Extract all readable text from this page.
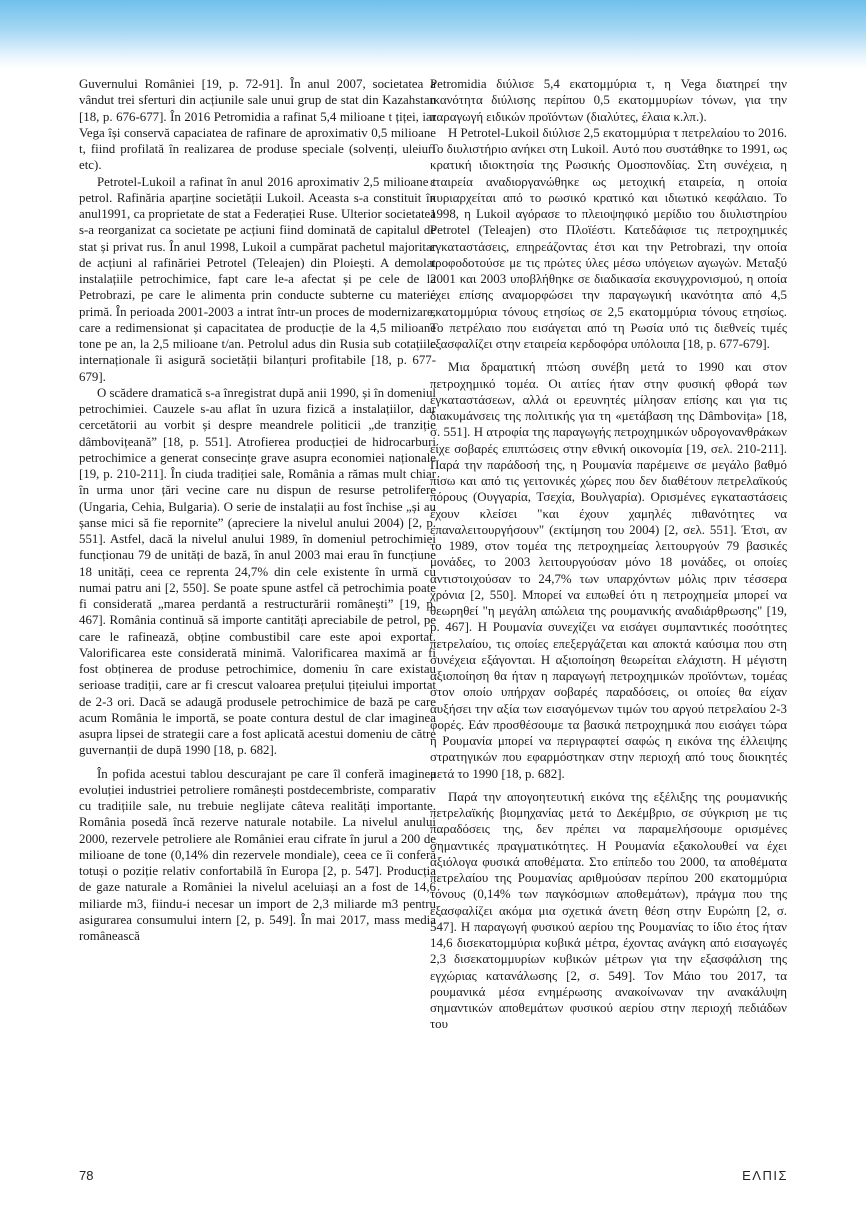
Guvernului României [19, p. 72-91]. În anul 2007, societatea a vândut trei sferturi din acțiunile sale unui grup de stat din Kazahstan [18, p. 676-677]. În 2016 Petromidia a rafinat 5,4 milioane t țiței, iar Vega își conservă capaciatea de rafinare de aproximativ 0,5 milioane t, fiind profilată în realizarea de produse speciale (solvenți, uleiuri etc).

Petrotel-Lukoil a rafinat în anul 2016 aproximativ 2,5 milioane t petrol. Rafinăria aparține societății Lukoil. Aceasta s-a constituit în anul1991, ca proprietate de stat a Federației Ruse. Ulterior societatea s-a reorganizat ca societate pe acțiuni fiind dominată de capitalul de stat și privat rus. În anul 1998, Lukoil a cumpărat pachetul majoritar de acțiuni al rafinăriei Petrotel (Teleajen) din Ploiești. A demolat instalațiile petrochimice, fapt care le-a afectat și pe cele de la Petrobrazi, pe care le alimenta prin conducte subterne cu materie primă. În perioada 2001-2003 a intrat într-un proces de modernizare, care a redimensionat și capacitatea de producție de la 4,5 milioane tone pe an, la 2,5 milioane t/an. Petrolul adus din Rusia sub cotațiile internaționale îi asigură societății bilanțuri profitabile [18, p. 677-679].

O scădere dramatică s-a înregistrat după anii 1990, și în domeniul petrochimiei. Cauzele s-au aflat în uzura fizică a instalațiilor, dar cercetătorii au vorbit și despre meandrele politicii „de tranziție dâmbovițeană” [18, p. 551]. Atrofierea producției de hidrocarburi petrochimice a generat consecințe grave asupra economiei naționale [19, p. 210-211]. În ciuda tradiției sale, România a rămas mult chiar în urma unor țări vecine care nu dispun de resurse petrolifere (Ungaria, Cehia, Bulgaria). O serie de instalații au fost închise „și au șanse mici să fie repornite” (apreciere la nivelul anului 2004) [2, p. 551]. Astfel, dacă la nivelul anului 1989, în domeniul petrochimiei funcționau 79 de unități de bază, în anul 2003 mai erau în funcțiune 18 unități, ceea ce reprenta 24,7% din cele existente în urmă cu numai patru ani [2, 550]. Se poate spune astfel că petrochimia poate fi considerată „marea perdantă a restructurării românești” [19, p. 467]. România continuă să importe cantități apreciabile de petrol, pe care le rafinează, obține combustibil care este apoi exportat. Valorificarea este considerată minimă. Valorificarea maximă ar fi fost obținerea de produse petrochimice, domeniu în care existau serioase tradiții, care ar fi crescut valoarea prețului țițeiului importat de 2-3 ori. Dacă se adaugă produsele petrochimice de bază pe care acum România le importă, se poate contura destul de clar imaginea asupra lipsei de strategii care a fost aplicată acestui domeniu de către guvernanții de după 1990 [18, p. 682].

În pofida acestui tablou descurajant pe care îl conferă imaginea evoluției industriei petroliere românești postdecembriste, comparativ cu tradițiile sale, nu trebuie neglijate câteva realități importante. România posedă încă rezerve naturale notabile. La nivelul anului 2000, rezervele petroliere ale României erau cifrate în jurul a 200 de milioane de tone (0,14% din rezervele mondiale), ceea ce îi conferă totuși o poziție relativ confortabilă în Europa [2, p. 547]. Producția de gaze naturale a României la nivelul aceluiași an a fost de 14,6 miliarde m3, fiindu-i necesar un import de 2,3 miliarde m3 pentru asigurarea consumului intern [2, p. 549]. În mai 2017, mass media românească

Petromidia διύλισε 5,4 εκατομμύρια τ, η Vega διατηρεί την ικανότητα διύλισης περίπου 0,5 εκατομμυρίων τόνων, για την παραγωγή ειδικών προϊόντων (διαλύτες, έλαια κ.λπ.).

Η Petrotel-Lukoil διύλισε 2,5 εκατομμύρια τ πετρελαίου το 2016. Το διυλιστήριο ανήκει στη Lukoil. Αυτό που συστάθηκε το 1991, ως κρατική ιδιοκτησία της Ρωσικής Ομοσπονδίας. Στη συνέχεια, η εταιρεία αναδιοργανώθηκε ως μετοχική εταιρεία, η οποία κυριαρχείται από το ρωσικό κρατικό και ιδιωτικό κεφάλαιο. Το 1998, η Lukoil αγόρασε το πλειοψηφικό μερίδιο του διυλιστηρίου Petrotel (Teleajen) στο Πλοϊέστι. Κατεδάφισε τις πετροχημικές εγκαταστάσεις, επηρεάζοντας έτσι και την Petrobrazi, την οποία τροφοδοτούσε με τις πρώτες ύλες μέσω υπόγειων αγωγών. Μεταξύ 2001 και 2003 υποβλήθηκε σε διαδικασία εκσυγχρονισμού, η οποία έχει επίσης αναμορφώσει την παραγωγική ικανότητα από 4,5 εκατομμύρια τόνους ετησίως σε 2,5 εκατομμύρια τόνους ετησίως. Το πετρέλαιο που εισάγεται από τη Ρωσία υπό τις διεθνείς τιμές εξασφαλίζει στην εταιρεία κερδοφόρα υπόλοιπα [18, p. 677-679].

Μια δραματική πτώση συνέβη μετά το 1990 και στον πετροχημικό τομέα. Οι αιτίες ήταν στην φυσική φθορά των εγκαταστάσεων, αλλά οι ερευνητές μίλησαν επίσης και για τις διακυμάνσεις της πολιτικής για τη «μετάβαση της Dâmbovița» [18, σ. 551]. Η ατροφία της παραγωγής πετροχημικών υδρογονανθράκων είχε σοβαρές επιπτώσεις στην εθνική οικονομία [19, σελ. 210-211]. Παρά την παράδοσή της, η Ρουμανία παρέμεινε σε μεγάλο βαθμό πίσω και από τις γειτονικές χώρες που δεν διαθέτουν πετρελαϊκούς πόρους (Ουγγαρία, Τσεχία, Βουλγαρία). Ορισμένες εγκαταστάσεις έχουν κλείσει "και έχουν χαμηλές πιθανότητες να επαναλειτουργήσουν" (εκτίμηση του 2004) [2, σελ. 551]. Έτσι, αν το 1989, στον τομέα της πετροχημείας λειτουργούν 79 βασικές μονάδες, το 2003 λειτουργούσαν μόνο 18 μονάδες, οι οποίες αντιστοιχούσαν το 24,7% των υπαρχόντων μόλις πριν τέσσερα χρόνια [2, 550]. Μπορεί να ειπωθεί ότι η πετροχημεία μπορεί να θεωρηθεί "η μεγάλη απώλεια της ρουμανικής αναδιάρθρωσης" [19, p. 467]. Η Ρουμανία συνεχίζει να εισάγει συμπαντικές ποσότητες πετρελαίου, τις οποίες επεξεργάζεται και αποκτά καύσιμα που στη συνέχεια εξάγονται. Η αξιοποίηση θεωρείται ελάχιστη. Η μέγιστη αξιοποίηση θα ήταν η παραγωγή πετροχημικών προϊόντων, τομέας στον οποίο υπήρχαν σοβαρές παραδόσεις, οι οποίες θα είχαν αυξήσει την αξία των εισαγόμενων τιμών του αργού πετρελαίου 2-3 φορές. Εάν προσθέσουμε τα βασικά πετροχημικά που εισάγει τώρα η Ρουμανία μπορεί να περιγραφτεί σαφώς η εικόνα της έλλειψης στρατηγικών που εφαρμόστηκαν στην περιοχή από τους διοικητές μετά το 1990 [18, p. 682].

Παρά την απογοητευτική εικόνα της εξέλιξης της ρουμανικής πετρελαϊκής βιομηχανίας μετά το Δεκέμβριο, σε σύγκριση με τις παραδόσεις της, δεν πρέπει να παραμελήσουμε ορισμένες σημαντικές πραγματικότητες. Η Ρουμανία εξακολουθεί να έχει αξιόλογα φυσικά αποθέματα. Στο επίπεδο του 2000, τα αποθέματα πετρελαίου της Ρουμανίας αριθμούσαν περίπου 200 εκατομμύρια τόνους (0,14% των παγκόσμιων αποθεμάτων), πράγμα που της εξασφαλίζει ακόμα μια σχετικά άνετη θέση στην Ευρώπη [2, σ. 547]. Η παραγωγή φυσικού αερίου της Ρουμανίας το ίδιο έτος ήταν 14,6 δισεκατομμύρια κυβικά μέτρα, έχοντας ανάγκη από εισαγωγές 2,3 δισεκατομμυρίων κυβικών μέτρων για την εξασφάλιση της εγχώριας κατανάλωσης [2, σ. 549]. Τον Μάιο του 2017, τα ρουμανικά μέσα ενημέρωσης ανακοίνωναν την ανακάλυψη σημαντικών αποθεμάτων φυσικού αερίου στην περιοχή πεδιάδων του

78	ΕΛΠΙΣ
